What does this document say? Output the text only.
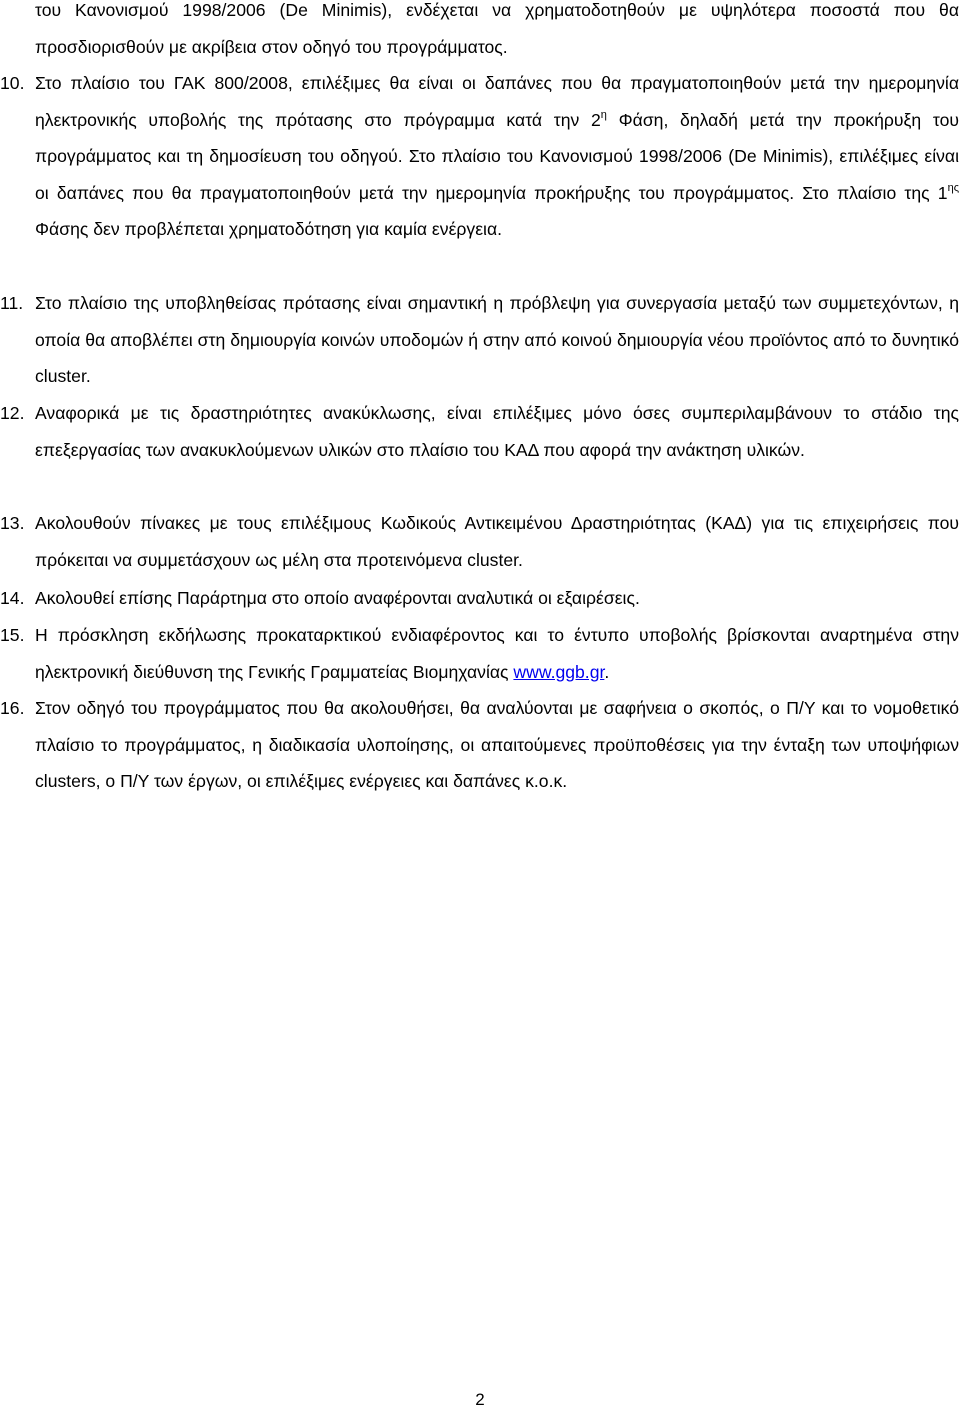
του Κανονισμού 1998/2006 (De Minimis), ενδέχεται να χρηματοδοτηθούν με υψηλότερα ποσοστά που θα προσδιορισθούν με ακρίβεια στον οδηγό του προγράμματος.

10. Στο πλαίσιο του ΓΑΚ 800/2008, επιλέξιμες θα είναι οι δαπάνες που θα πραγματοποιηθούν μετά την ημερομηνία ηλεκτρονικής υποβολής της πρότασης στο πρόγραμμα κατά την $2^\eta$ Φάση, δηλαδή μετά την προκήρυξη του προγράμματος και τη δημοσίευση του οδηγού. Στο πλαίσιο του Κανονισμού 1998/2006 (De Minimis), επιλέξιμες είναι οι δαπάνες που θα πραγματοποιηθούν μετά την ημερομηνία προκήρυξης του προγράμματος. Στο πλαίσιο της $1^{\eta\varsigma}$ Φάσης δεν προβλέπεται χρηματοδότηση για καμία ενέργεια.
11. Στο πλαίσιο της υποβληθείσας πρότασης είναι σημαντική η πρόβλεψη για συνεργασία μεταξύ των συμμετεχόντων, η οποία θα αποβλέπει στη δημιουργία κοινών υποδομών ή στην από κοινού δημιουργία νέου προϊόντος από το δυνητικό cluster.
12. Αναφορικά με τις δραστηριότητες ανακύκλωσης, είναι επιλέξιμες μόνο όσες συμπεριλαμβάνουν το στάδιο της επεξεργασίας των ανακυκλούμενων υλικών στο πλαίσιο του ΚΑΔ που αφορά την ανάκτηση υλικών.
13. Ακολουθούν πίνακες με τους επιλέξιμους Κωδικούς Αντικειμένου Δραστηριότητας (ΚΑΔ) για τις επιχειρήσεις που πρόκειται να συμμετάσχουν ως μέλη στα προτεινόμενα cluster.
14. Ακολουθεί επίσης Παράρτημα στο οποίο αναφέρονται αναλυτικά οι εξαιρέσεις.
15. Η πρόσκληση εκδήλωσης προκαταρκτικού ενδιαφέροντος και το έντυπο υποβολής βρίσκονται αναρτημένα στην ηλεκτρονική διεύθυνση της Γενικής Γραμματείας Βιομηχανίας www.ggb.gr.
16. Στον οδηγό του προγράμματος που θα ακολουθήσει, θα αναλύονται με σαφήνεια ο σκοπός, ο Π/Υ και το νομοθετικό πλαίσιο το προγράμματος, η διαδικασία υλοποίησης, οι απαιτούμενες προϋποθέσεις για την ένταξη των υποψήφιων clusters, ο Π/Υ των έργων, οι επιλέξιμες ενέργειες και δαπάνες κ.ο.κ.
2
